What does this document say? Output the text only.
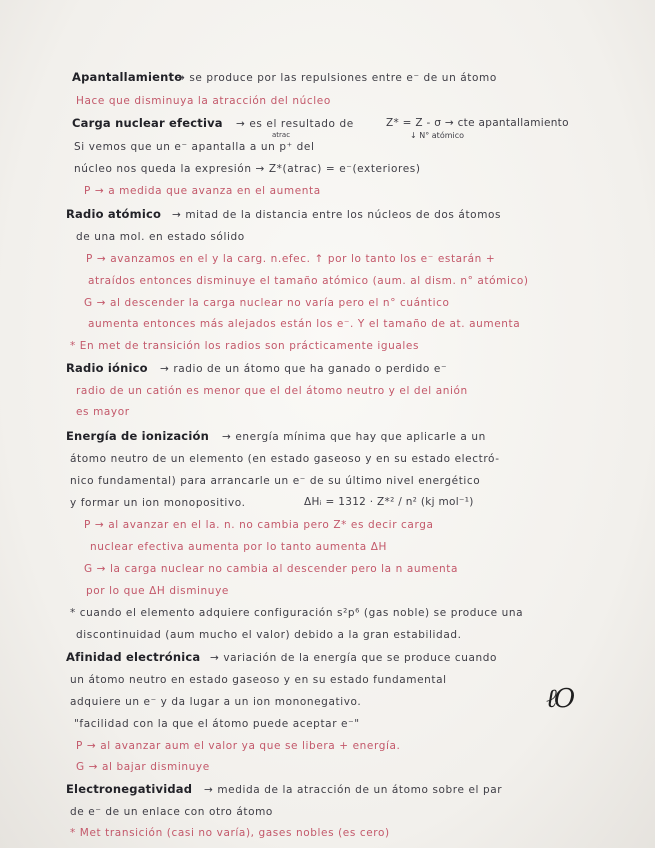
Apantallamiento
→ se produce por las repulsiones entre e⁻ de un átomo
Hace que disminuya la atracción del núcleo
Carga nuclear efectiva → es el resultado de	Z* = Z - σ → cte apantallamiento
atrac	↓ N° atómico
Si vemos que un e⁻ apantalla a un p⁺ del
núcleo nos queda la expresión → Z*(atrac) = e⁻(exteriores)
P → a medida que avanza en el aumenta
Radio atómico → mitad de la distancia entre los núcleos de dos átomos
de una mol. en estado sólido
P → avanzamos en el y la carg. n.efec. ↑ por lo tanto los e⁻ estarán +
atraídos entonces disminuye el tamaño atómico (aum. al dism. n° atómico)
G → al descender la carga nuclear no varía pero el n° cuántico
aumenta entonces más alejados están los e⁻. Y el tamaño de at. aumenta
* En met de transición los radios son prácticamente iguales
Radio iónico → radio de un átomo que ha ganado o perdido e⁻
radio de un catión es menor que el del átomo neutro y el del anión
es mayor
Energía de ionización → energía mínima que hay que aplicarle a un
átomo neutro de un elemento (en estado gaseoso y en su estado electró-
nico fundamental) para arrancarle un e⁻ de su último nivel energético
y formar un ion monopositivo.	ΔHᵢ = 1312 · Z*² / n² (kj mol⁻¹)
P → al avanzar en el la. n. no cambia pero Z* es decir carga
nuclear efectiva aumenta por lo tanto aumenta ΔH
G → la carga nuclear no cambia al descender pero la n aumenta
por lo que ΔH disminuye
* cuando el elemento adquiere configuración s²p⁶ (gas noble) se produce una
discontinuidad (aum mucho el valor) debido a la gran estabilidad.
Afinidad electrónica → variación de la energía que se produce cuando
un átomo neutro en estado gaseoso y en su estado fundamental
adquiere un e⁻ y da lugar a un ion mononegativo.
"facilidad con la que el átomo puede aceptar e⁻"
P → al avanzar aum el valor ya que se libera + energía.
G → al bajar disminuye
Electronegatividad → medida de la atracción de un átomo sobre el par
de e⁻ de un enlace con otro átomo
* Met transición (casi no varía), gases nobles (es cero)
ℓO
